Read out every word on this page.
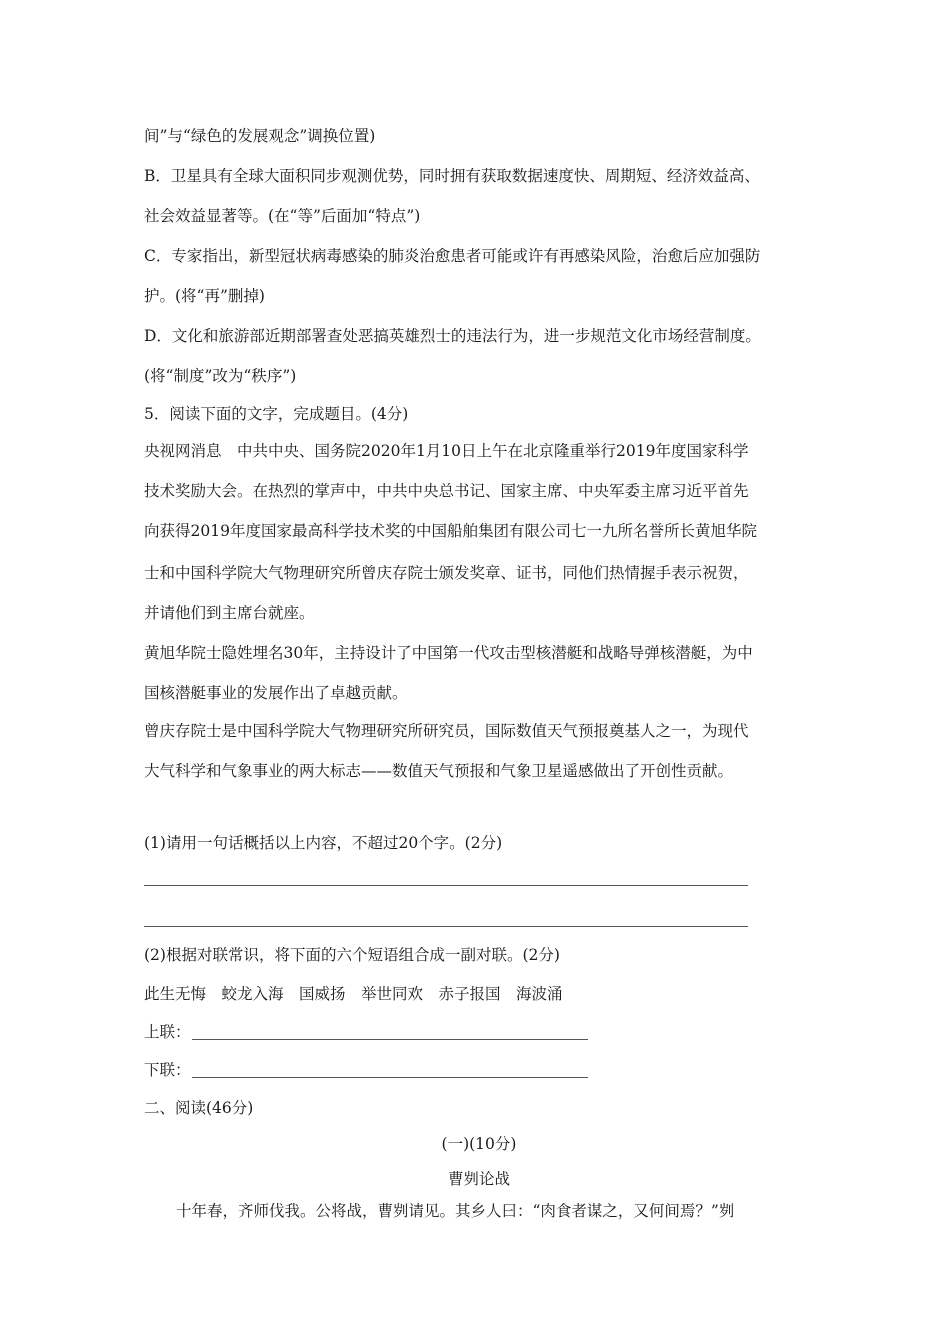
间”与“绿色的发展观念”调换位置)
B．卫星具有全球大面积同步观测优势，同时拥有获取数据速度快、周期短、经济效益高、
社会效益显著等。(在“等”后面加“特点”)
C．专家指出，新型冠状病毒感染的肺炎治愈患者可能或许有再感染风险，治愈后应加强防
护。(将“再”删掉)
D．文化和旅游部近期部署查处恶搞英雄烈士的违法行为，进一步规范文化市场经营制度。
(将“制度”改为“秩序”)
5．阅读下面的文字，完成题目。(4分)
央视网消息　中共中央、国务院2020年1月10日上午在北京隆重举行2019年度国家科学
技术奖励大会。在热烈的掌声中，中共中央总书记、国家主席、中央军委主席习近平首先
向获得2019年度国家最高科学技术奖的中国船舶集团有限公司七一九所名誉所长黄旭华院
士和中国科学院大气物理研究所曾庆存院士颁发奖章、证书，同他们热情握手表示祝贺，
并请他们到主席台就座。
黄旭华院士隐姓埋名30年，主持设计了中国第一代攻击型核潜艇和战略导弹核潜艇，为中
国核潜艇事业的发展作出了卓越贡献。
曾庆存院士是中国科学院大气物理研究所研究员，国际数值天气预报奠基人之一，为现代
大气科学和气象事业的两大标志——数值天气预报和气象卫星遥感做出了开创性贡献。
(1)请用一句话概括以上内容，不超过20个字。(2分)
(2)根据对联常识，将下面的六个短语组合成一副对联。(2分)
此生无悔　蛟龙入海　国威扬　举世同欢　赤子报国　海波涌
上联：
下联：
二、阅读(46分)
(一)(10分)
曹刿论战
十年春，齐师伐我。公将战，曹刿请见。其乡人曰：“肉食者谋之，又何间焉？”刿
